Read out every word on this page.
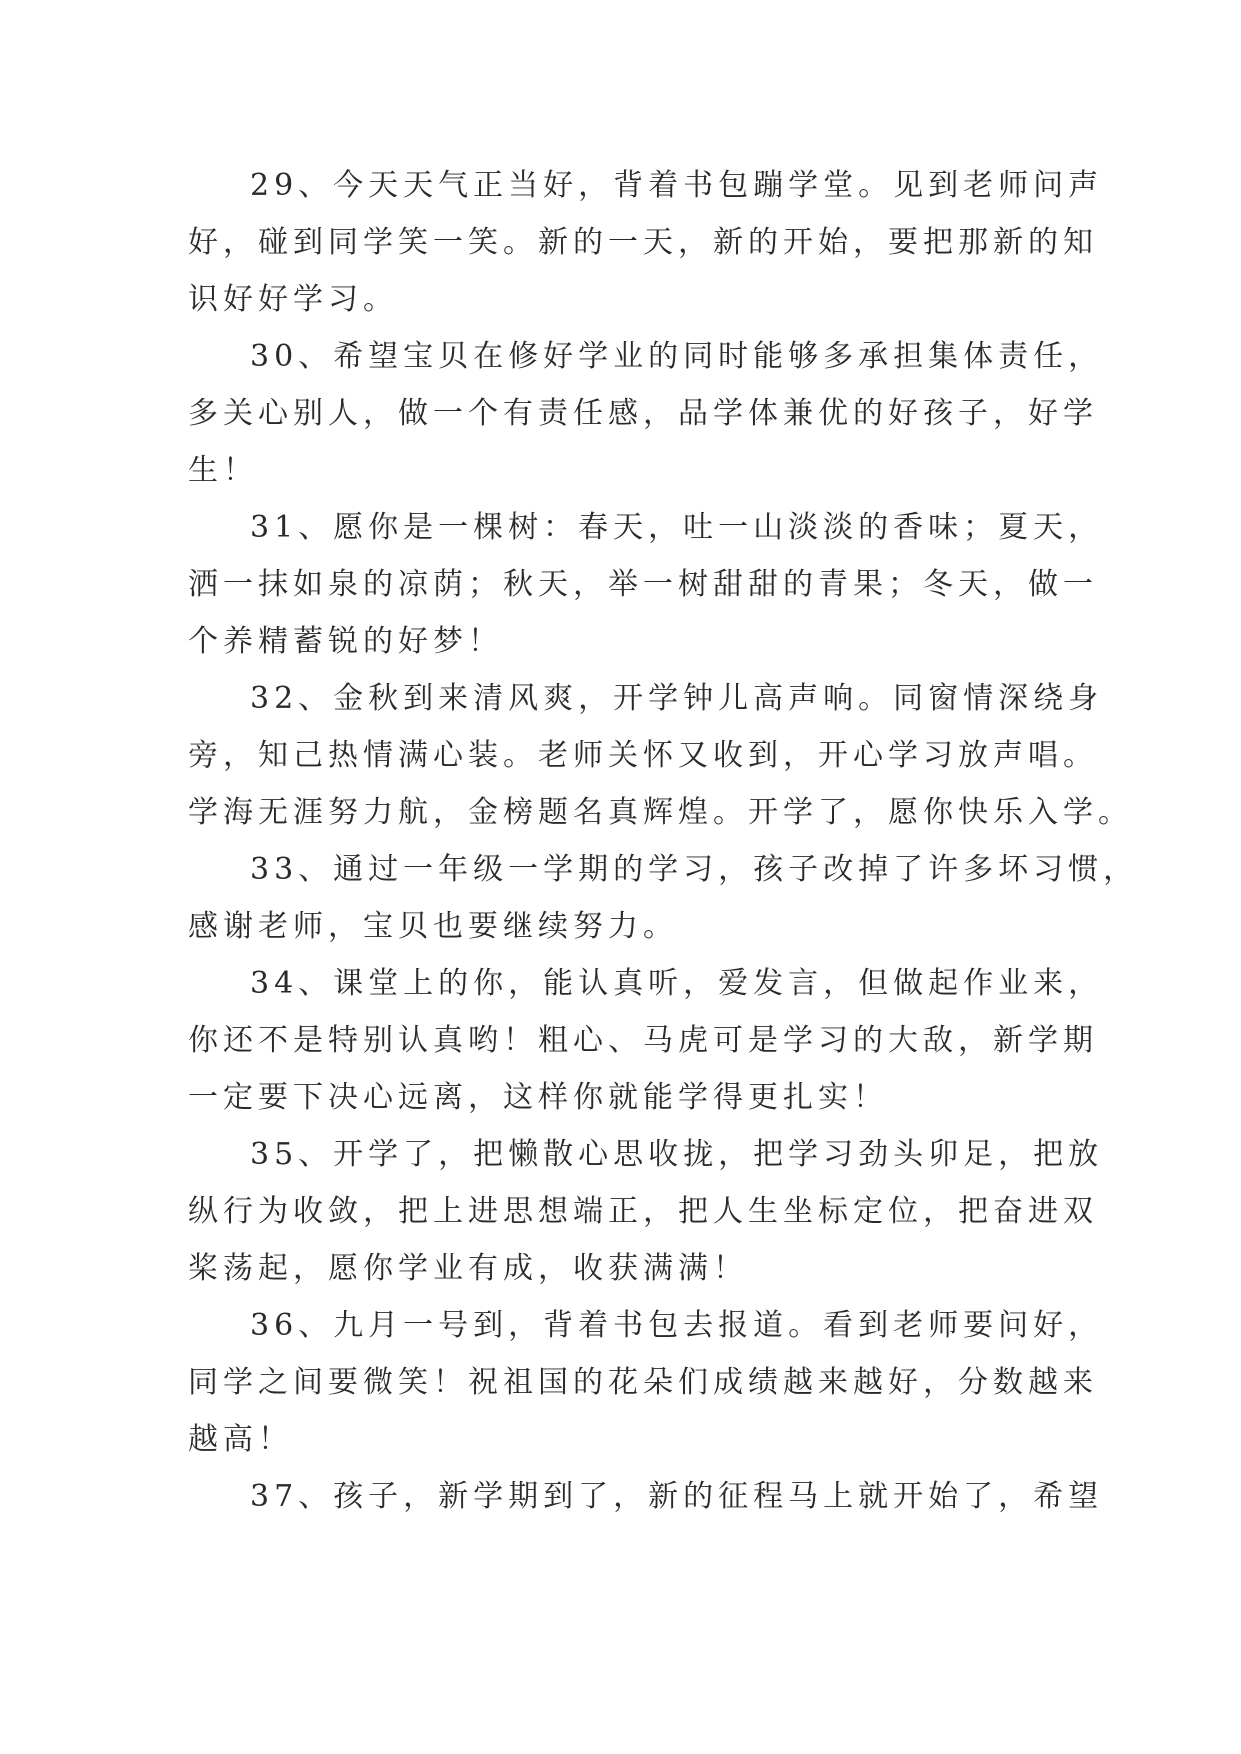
29、今天天气正当好，背着书包蹦学堂。见到老师问声
好，碰到同学笑一笑。新的一天，新的开始，要把那新的知
识好好学习。

30、希望宝贝在修好学业的同时能够多承担集体责任，
多关心别人，做一个有责任感，品学体兼优的好孩子，好学
生！

31、愿你是一棵树：春天，吐一山淡淡的香味；夏天，
洒一抹如泉的凉荫；秋天，举一树甜甜的青果；冬天，做一
个养精蓄锐的好梦！

32、金秋到来清风爽，开学钟儿高声响。同窗情深绕身
旁，知己热情满心装。老师关怀又收到，开心学习放声唱。
学海无涯努力航，金榜题名真辉煌。开学了，愿你快乐入学。

33、通过一年级一学期的学习，孩子改掉了许多坏习惯，
感谢老师，宝贝也要继续努力。

34、课堂上的你，能认真听，爱发言，但做起作业来，
你还不是特别认真哟！粗心、马虎可是学习的大敌，新学期
一定要下决心远离，这样你就能学得更扎实！

35、开学了，把懒散心思收拢，把学习劲头卯足，把放
纵行为收敛，把上进思想端正，把人生坐标定位，把奋进双
桨荡起，愿你学业有成，收获满满！

36、九月一号到，背着书包去报道。看到老师要问好，
同学之间要微笑！祝祖国的花朵们成绩越来越好，分数越来
越高！

37、孩子，新学期到了，新的征程马上就开始了，希望
